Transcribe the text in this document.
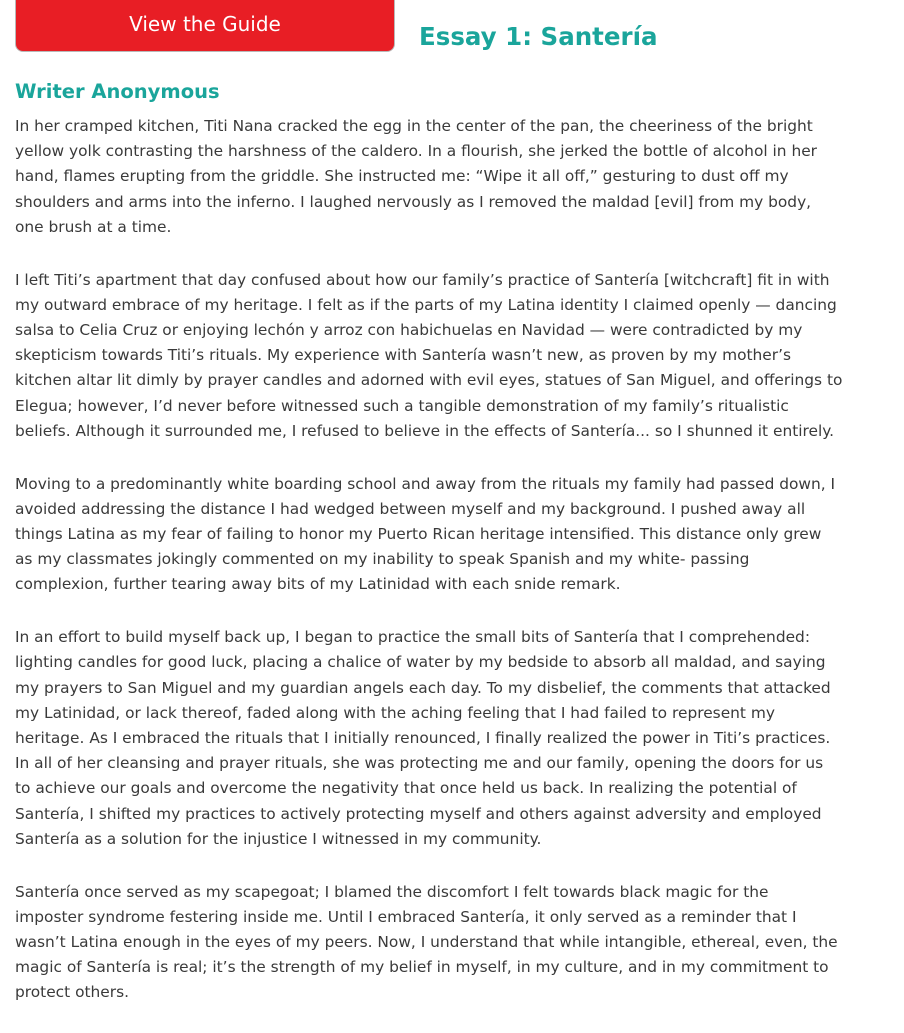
View the Guide	Essay 1: Santería
Writer Anonymous

In her cramped kitchen, Titi Nana cracked the egg in the center of the pan, the cheeriness of the bright
yellow yolk contrasting the harshness of the caldero. In a flourish, she jerked the bottle of alcohol in her
hand, flames erupting from the griddle. She instructed me: “Wipe it all off,” gesturing to dust off my
shoulders and arms into the inferno. I laughed nervously as I removed the maldad [evil] from my body,
one brush at a time.

I left Titi’s apartment that day confused about how our family’s practice of Santería [witchcraft] fit in with
my outward embrace of my heritage. I felt as if the parts of my Latina identity I claimed openly — dancing
salsa to Celia Cruz or enjoying lechón y arroz con habichuelas en Navidad — were contradicted by my
skepticism towards Titi’s rituals. My experience with Santería wasn’t new, as proven by my mother’s
kitchen altar lit dimly by prayer candles and adorned with evil eyes, statues of San Miguel, and offerings to
Elegua; however, I’d never before witnessed such a tangible demonstration of my family’s ritualistic
beliefs. Although it surrounded me, I refused to believe in the effects of Santería... so I shunned it entirely.

Moving to a predominantly white boarding school and away from the rituals my family had passed down, I
avoided addressing the distance I had wedged between myself and my background. I pushed away all
things Latina as my fear of failing to honor my Puerto Rican heritage intensified. This distance only grew
as my classmates jokingly commented on my inability to speak Spanish and my white- passing
complexion, further tearing away bits of my Latinidad with each snide remark.

In an effort to build myself back up, I began to practice the small bits of Santería that I comprehended:
lighting candles for good luck, placing a chalice of water by my bedside to absorb all maldad, and saying
my prayers to San Miguel and my guardian angels each day. To my disbelief, the comments that attacked
my Latinidad, or lack thereof, faded along with the aching feeling that I had failed to represent my
heritage. As I embraced the rituals that I initially renounced, I finally realized the power in Titi’s practices.
In all of her cleansing and prayer rituals, she was protecting me and our family, opening the doors for us
to achieve our goals and overcome the negativity that once held us back. In realizing the potential of
Santería, I shifted my practices to actively protecting myself and others against adversity and employed
Santería as a solution for the injustice I witnessed in my community.

Santería once served as my scapegoat; I blamed the discomfort I felt towards black magic for the
imposter syndrome festering inside me. Until I embraced Santería, it only served as a reminder that I
wasn’t Latina enough in the eyes of my peers. Now, I understand that while intangible, ethereal, even, the
magic of Santería is real; it’s the strength of my belief in myself, in my culture, and in my commitment to
protect others.
